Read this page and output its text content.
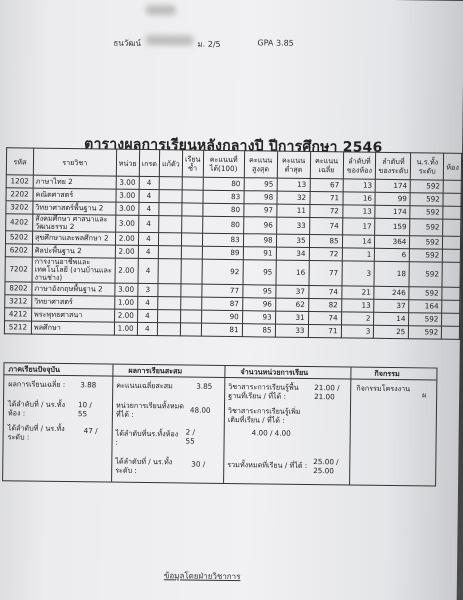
ธนวัฒน์	ม. 2/5	GPA 3.85
ตารางผลการเรียนหลังกลางปี ปีการศึกษา 2546
รหัส	รายวิชา	หน่วย	เกรด	แก้ตัว	เรียนซ้ำ	คะแนนที่ได้(100)	คะแนนสูงสุด	คะแนนต่ำสุด	คะแนนเฉลี่ย	ลำดับที่ของห้อง	ลำดับที่ของระดับ	น.ร.ทั้งระดับ	ห้อง
1202	ภาษาไทย 2	3.00	4			80	95	13	67	13	174	592	
2202	คณิตศาสตร์	3.00	4			83	98	32	71	16	99	592	
3202	วิทยาศาสตร์พื้นฐาน 2	3.00	4			80	97	11	72	13	174	592	
4202	สังคมศึกษา ศาสนาและวัฒนธรรม 2	3.00	4			80	96	33	74	17	159	592	
5202	สุขศึกษาและพลศึกษา 2	2.00	4			83	98	35	85	14	364	592	
6202	ศิลปะพื้นฐาน 2	2.00	4			89	91	34	72	1	6	592	
7202	การงานอาชีพและเทคโนโลยี (งานบ้านและงานช่าง)	2.00	4			92	95	16	77	3	18	592	
8202	ภาษาอังกฤษพื้นฐาน 2	3.00	3			77	95	37	74	21	246	592	
3212	วิทยาศาสตร์	1.00	4			87	96	62	82	13	37	164	
4212	พระพุทธศาสนา	2.00	4			90	93	31	74	2	14	592	
5212	พลศึกษา	1.00	4			81	85	33	71	3	25	592	
ภาคเรียนปัจจุบัน	ผลการเรียนสะสม	จำนวนหน่วยการเรียน	กิจกรรม
ผลการเรียนเฉลี่ย :	3.88
ได้ลำดับที่ / นร.ทั้งห้อง :
10 / 55
ได้ลำดับที่ / นร.ทั้งระดับ :
47 /
คะแนนเฉลี่ยสะสม	3.85
หน่วยการเรียนทั้งหมดที่ได้ :	48.00
ได้ลำดับที่นร.ทั้งห้อง :
2 / 55
ได้ลำดับที่ / นร.ทั้งระดับ :
30 /
วิชาสาระการเรียนรู้พื้นฐานที่เรียน / ที่ได้ :
21.00 / 21.00
วิชาสาระการเรียนรู้เพิ่มเติมที่เรียน / ที่ได้ :
4.00 / 4.00
รวมทั้งหมดที่เรียน / ที่ได้ : 25.00 / 25.00
กิจกรรมโครงงาน
ผ
ข้อมูลโดยฝ่ายวิชาการ
